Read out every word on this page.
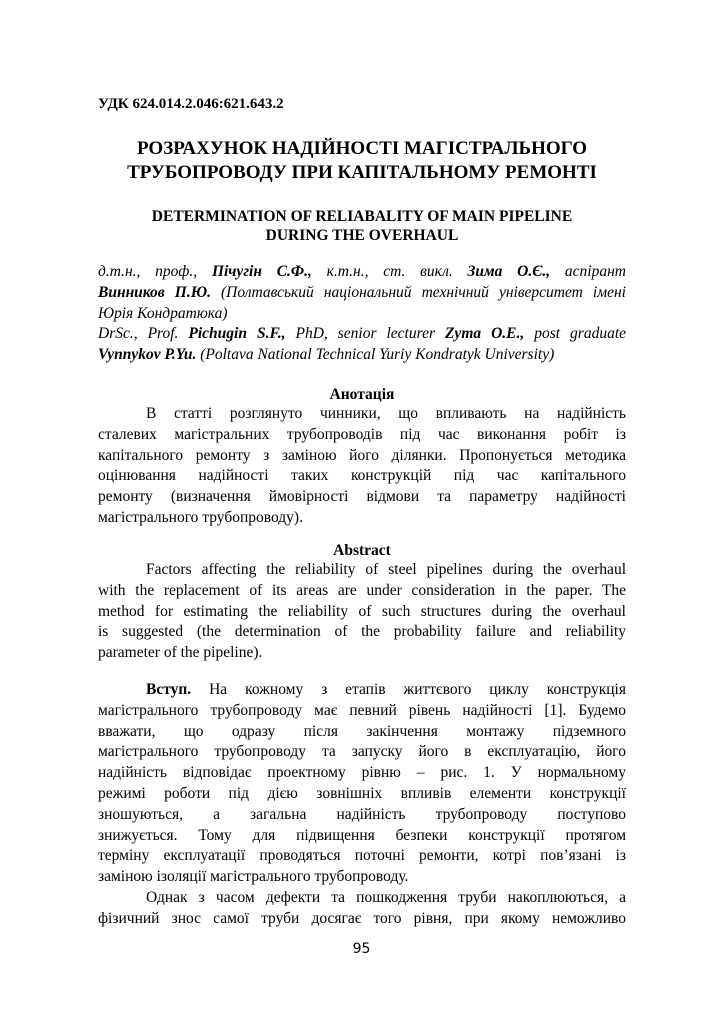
УДК 624.014.2.046:621.643.2
РОЗРАХУНОК НАДІЙНОСТІ МАГІСТРАЛЬНОГО
ТРУБОПРОВОДУ ПРИ КАПІТАЛЬНОМУ РЕМОНТІ
DETERMINATION OF RELIABALITY OF MAIN PIPELINE
DURING THE OVERHAUL

д.т.н., проф., Пічугін С.Ф., к.т.н., ст. викл. Зима О.Є., аспірант

Винников П.Ю. (Полтавський національний технічний університет імені Юрія Кондратюка)

DrSc., Prof. Pichugin S.F., PhD, senior lecturer Zyma O.E., post graduate

Vynnykov P.Yu. (Poltava National Technical Yuriy Kondratyk University)

Анотація
В статті розглянуто чинники, що впливають на надійність
сталевих магістральних трубопроводів під час виконання робіт із
капітального ремонту з заміною його ділянки. Пропонується методика
оцінювання надійності таких конструкцій під час капітального
ремонту (визначення ймовірності відмови та параметру надійності
магістрального трубопроводу).
Abstract
Factors affecting the reliability of steel pipelines during the overhaul
with the replacement of its areas are under consideration in the paper. The
method for estimating the reliability of such structures during the overhaul
is suggested (the determination of the probability failure and reliability
parameter of the pipeline).
Вступ. На кожному з етапів життєвого циклу конструкція
магістрального трубопроводу має певний рівень надійності [1]. Будемо
вважати, що одразу після закінчення монтажу підземного
магістрального трубопроводу та запуску його в експлуатацію, його
надійність відповідає проектному рівню – рис. 1. У нормальному
режимі роботи під дією зовнішніх впливів елементи конструкції
зношуються, а загальна надійність трубопроводу поступово
знижується. Тому для підвищення безпеки конструкції протягом
терміну експлуатації проводяться поточні ремонти, котрі пов’язані із
заміною ізоляції магістрального трубопроводу.
Однак з часом дефекти та пошкодження труби накоплюються, а
фізичний знос самої труби досягає того рівня, при якому неможливо
95
